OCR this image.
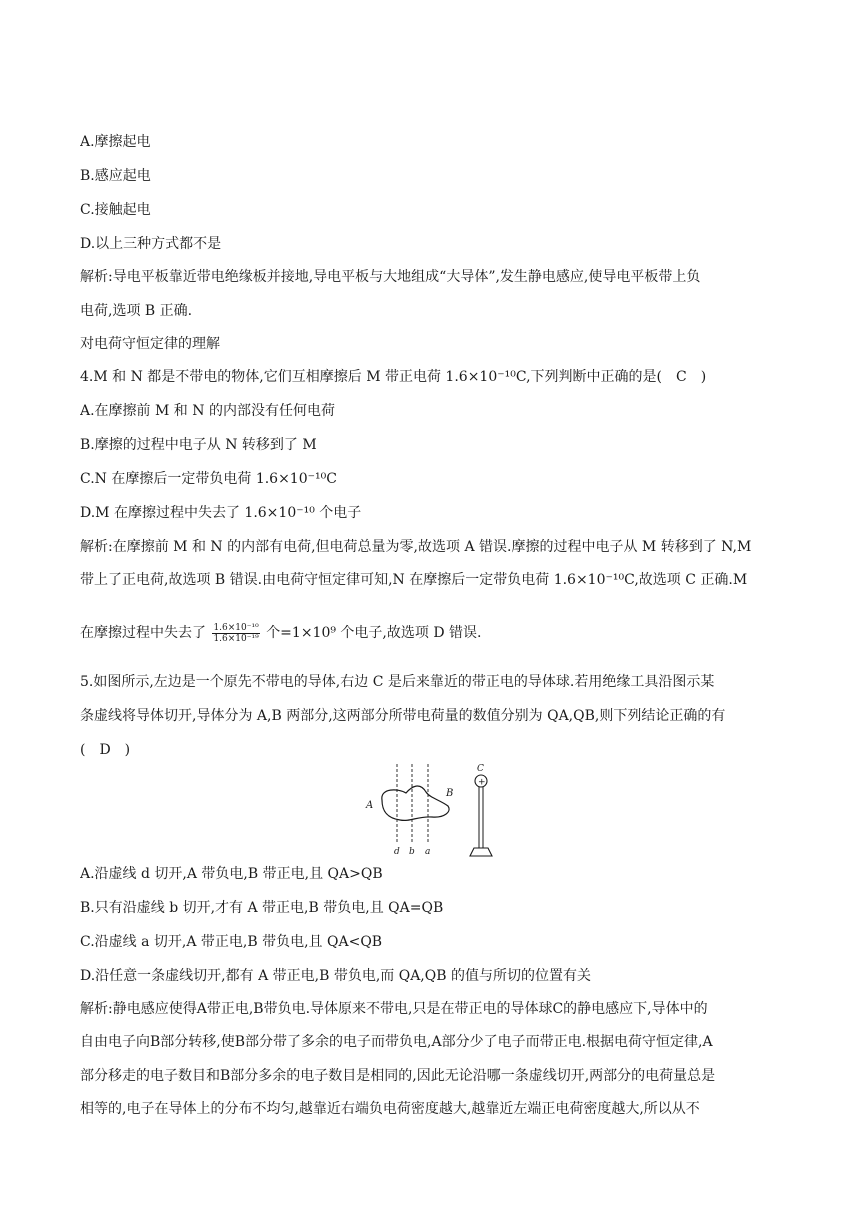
A.摩擦起电
B.感应起电
C.接触起电
D.以上三种方式都不是
解析:导电平板靠近带电绝缘板并接地,导电平板与大地组成“大导体”,发生静电感应,使导电平板带上负
电荷,选项 B 正确.
对电荷守恒定律的理解
4.M 和 N 都是不带电的物体,它们互相摩擦后 M 带正电荷 1.6×10⁻¹⁰C,下列判断中正确的是(　C　)
A.在摩擦前 M 和 N 的内部没有任何电荷
B.摩擦的过程中电子从 N 转移到了 M
C.N 在摩擦后一定带负电荷 1.6×10⁻¹⁰C
D.M 在摩擦过程中失去了 1.6×10⁻¹⁰ 个电子
解析:在摩擦前 M 和 N 的内部有电荷,但电荷总量为零,故选项 A 错误.摩擦的过程中电子从 M 转移到了 N,M
带上了正电荷,故选项 B 错误.由电荷守恒定律可知,N 在摩擦后一定带负电荷 1.6×10⁻¹⁰C,故选项 C 正确.M
在摩擦过程中失去了 $\frac{\text{1.6×10⁻¹⁰}}{\text{1.6×10⁻¹⁹}}$ 个=1×10⁹ 个电子,故选项 D 错误.
5.如图所示,左边是一个原先不带电的导体,右边 C 是后来靠近的带正电的导体球.若用绝缘工具沿图示某
条虚线将导体切开,导体分为 A,B 两部分,这两部分所带电荷量的数值分别为 QA,QB,则下列结论正确的有
(　D　)
A
B
d b a
C
+
A.沿虚线 d 切开,A 带负电,B 带正电,且 QA>QB
B.只有沿虚线 b 切开,才有 A 带正电,B 带负电,且 QA=QB
C.沿虚线 a 切开,A 带正电,B 带负电,且 QA<QB
D.沿任意一条虚线切开,都有 A 带正电,B 带负电,而 QA,QB 的值与所切的位置有关
解析:静电感应使得A带正电,B带负电.导体原来不带电,只是在带正电的导体球C的静电感应下,导体中的
自由电子向B部分转移,使B部分带了多余的电子而带负电,A部分少了电子而带正电.根据电荷守恒定律,A
部分移走的电子数目和B部分多余的电子数目是相同的,因此无论沿哪一条虚线切开,两部分的电荷量总是
相等的,电子在导体上的分布不均匀,越靠近右端负电荷密度越大,越靠近左端正电荷密度越大,所以从不
